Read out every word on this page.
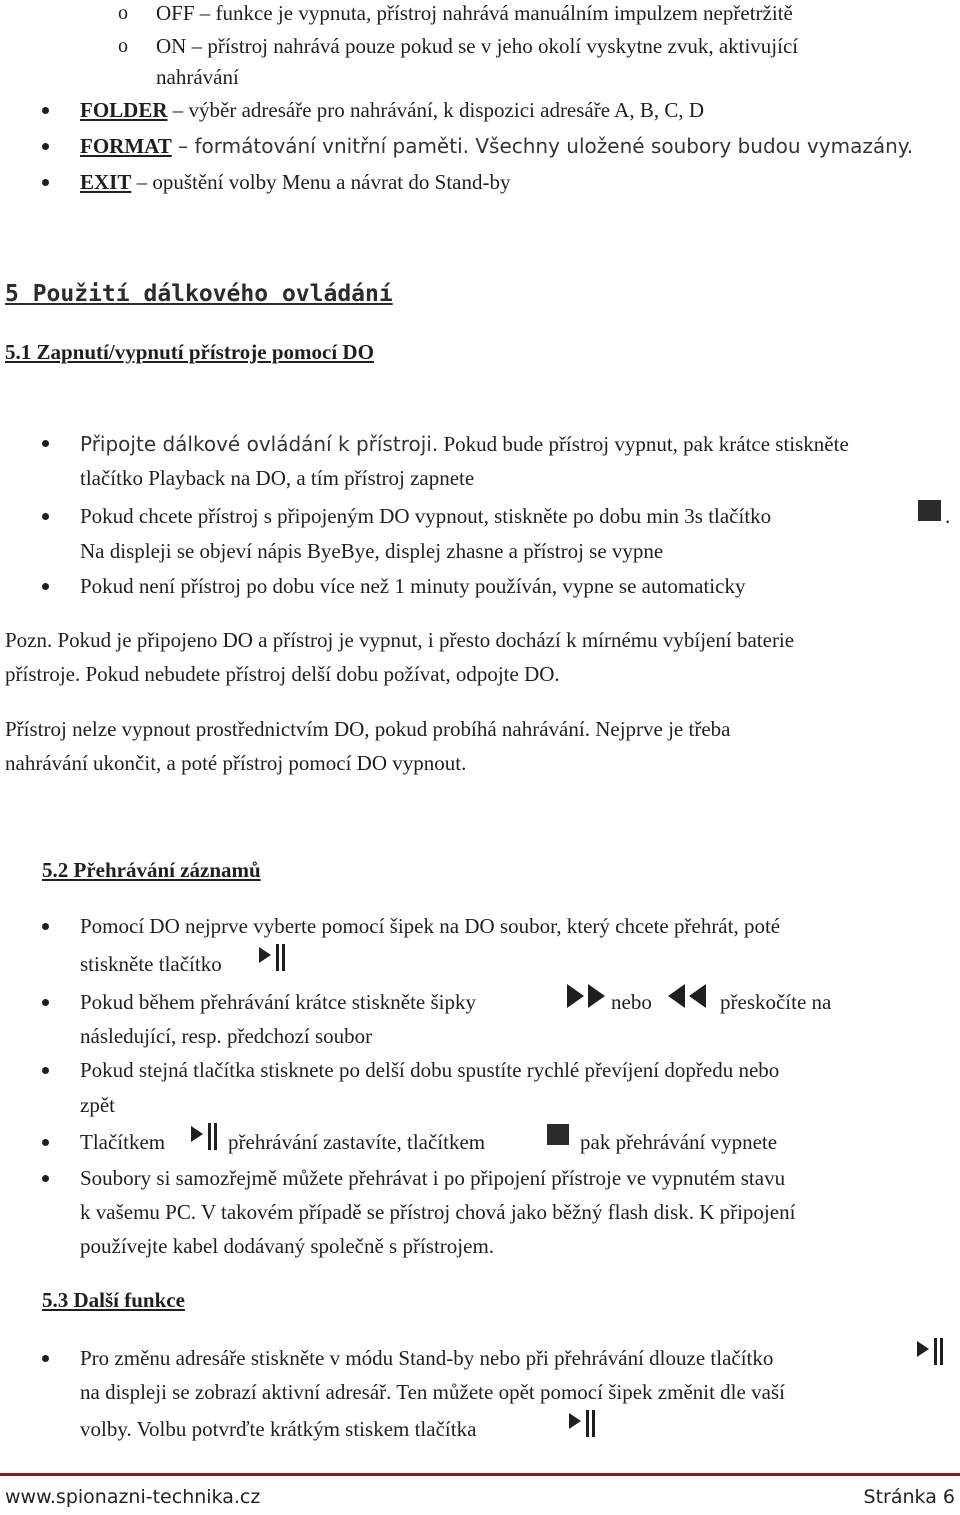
o OFF – funkce je vypnuta, přístroj nahrává manuálním impulzem nepřetržitě
o ON – přístroj nahrává pouze pokud se v jeho okolí vyskytne zvuk, aktivující
nahrávání
FOLDER – výběr adresáře pro nahrávání, k dispozici adresáře A, B, C, D
FORMAT – formátování vnitřní paměti. Všechny uložené soubory budou vymazány.
EXIT – opuštění volby Menu a návrat do Stand-by
5 Použití dálkového ovládání
5.1 Zapnutí/vypnutí přístroje pomocí DO
Připojte dálkové ovládání k přístroji. Pokud bude přístroj vypnut, pak krátce stiskněte
tlačítko Playback na DO, a tím přístroj zapnete
Pokud chcete přístroj s připojeným DO vypnout, stiskněte po dobu min 3s tlačítko	.
Na displeji se objeví nápis ByeBye, displej zhasne a přístroj se vypne
Pokud není přístroj po dobu více než 1 minuty používán, vypne se automaticky
Pozn. Pokud je připojeno DO a přístroj je vypnut, i přesto dochází k mírnému vybíjení baterie
přístroje. Pokud nebudete přístroj delší dobu požívat, odpojte DO.
Přístroj nelze vypnout prostřednictvím DO, pokud probíhá nahrávání. Nejprve je třeba
nahrávání ukončit, a poté přístroj pomocí DO vypnout.
5.2 Přehrávání záznamů
Pomocí DO nejprve vyberte pomocí šipek na DO soubor, který chcete přehrát, poté
stiskněte tlačítko
Pokud během přehrávání krátce stiskněte šipky	nebo	přeskočíte na
následující, resp. předchozí soubor
Pokud stejná tlačítka stisknete po delší dobu spustíte rychlé převíjení dopředu nebo
zpět
Tlačítkem	přehrávání zastavíte, tlačítkem	pak přehrávání vypnete
Soubory si samozřejmě můžete přehrávat i po připojení přístroje ve vypnutém stavu
k vašemu PC. V takovém případě se přístroj chová jako běžný flash disk. K připojení
používejte kabel dodávaný společně s přístrojem.
5.3 Další funkce
Pro změnu adresáře stiskněte v módu Stand-by nebo při přehrávání dlouze tlačítko
na displeji se zobrazí aktivní adresář. Ten můžete opět pomocí šipek změnit dle vaší
volby. Volbu potvrďte krátkým stiskem tlačítka
www.spionazni-technika.cz	Stránka 6
